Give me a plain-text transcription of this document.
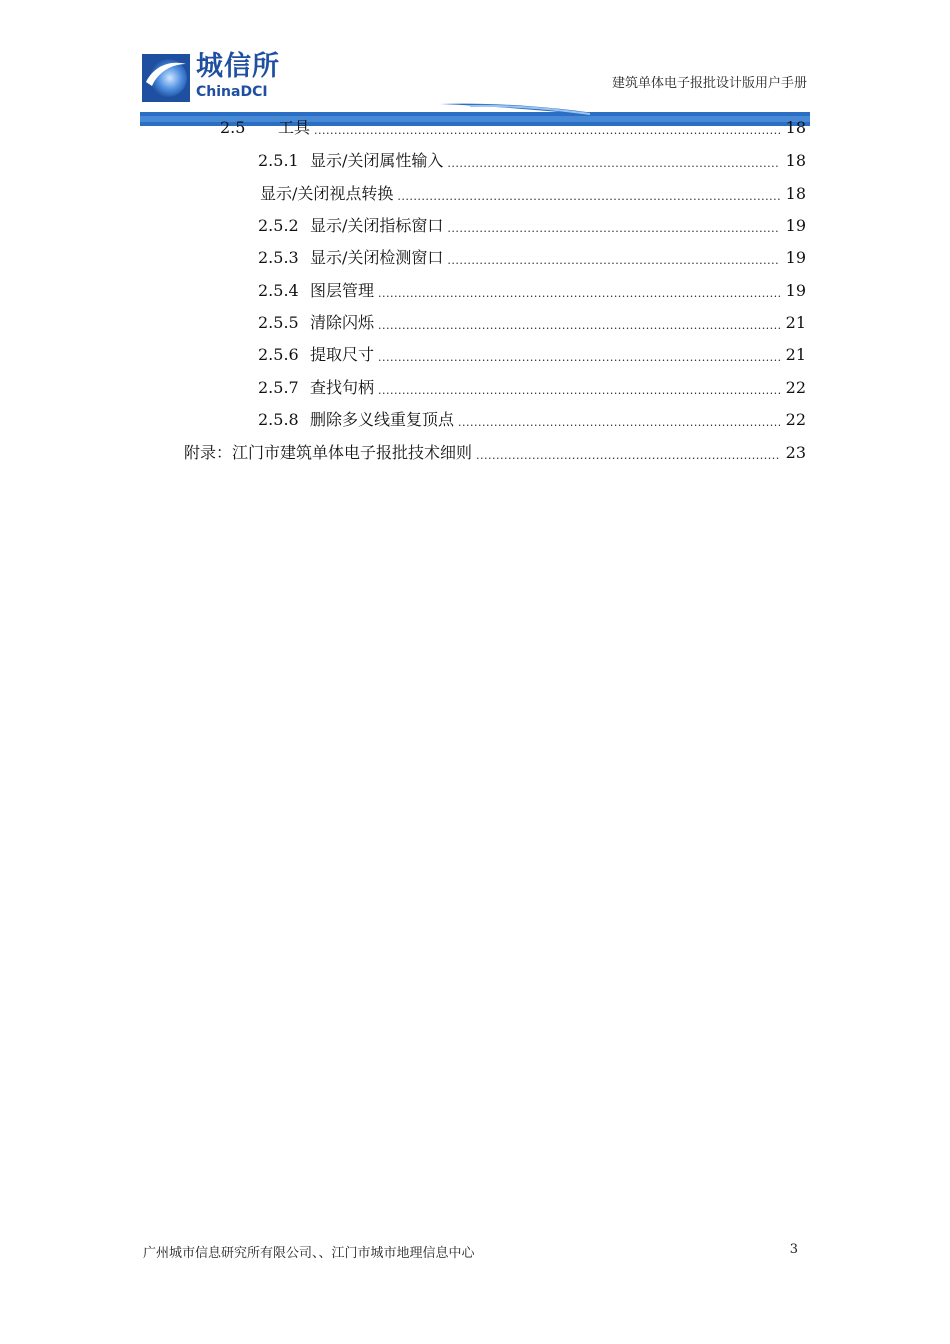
城信所
ChinaDCI
建筑单体电子报批设计版用户手册
2.5	工具 .....	18
2.5.1 显示/关闭属性输入 .....	18
显示/关闭视点转换 .....	18
2.5.2 显示/关闭指标窗口 .....	19
2.5.3 显示/关闭检测窗口 .....	19
2.5.4 图层管理 .....	19
2.5.5 清除闪烁 .....	21
2.5.6 提取尺寸 .....	21
2.5.7 查找句柄 .....	22
2.5.8 删除多义线重复顶点 .....	22
附录：江门市建筑单体电子报批技术细则 .....	23
广州城市信息研究所有限公司、、江门市城市地理信息中心	3
